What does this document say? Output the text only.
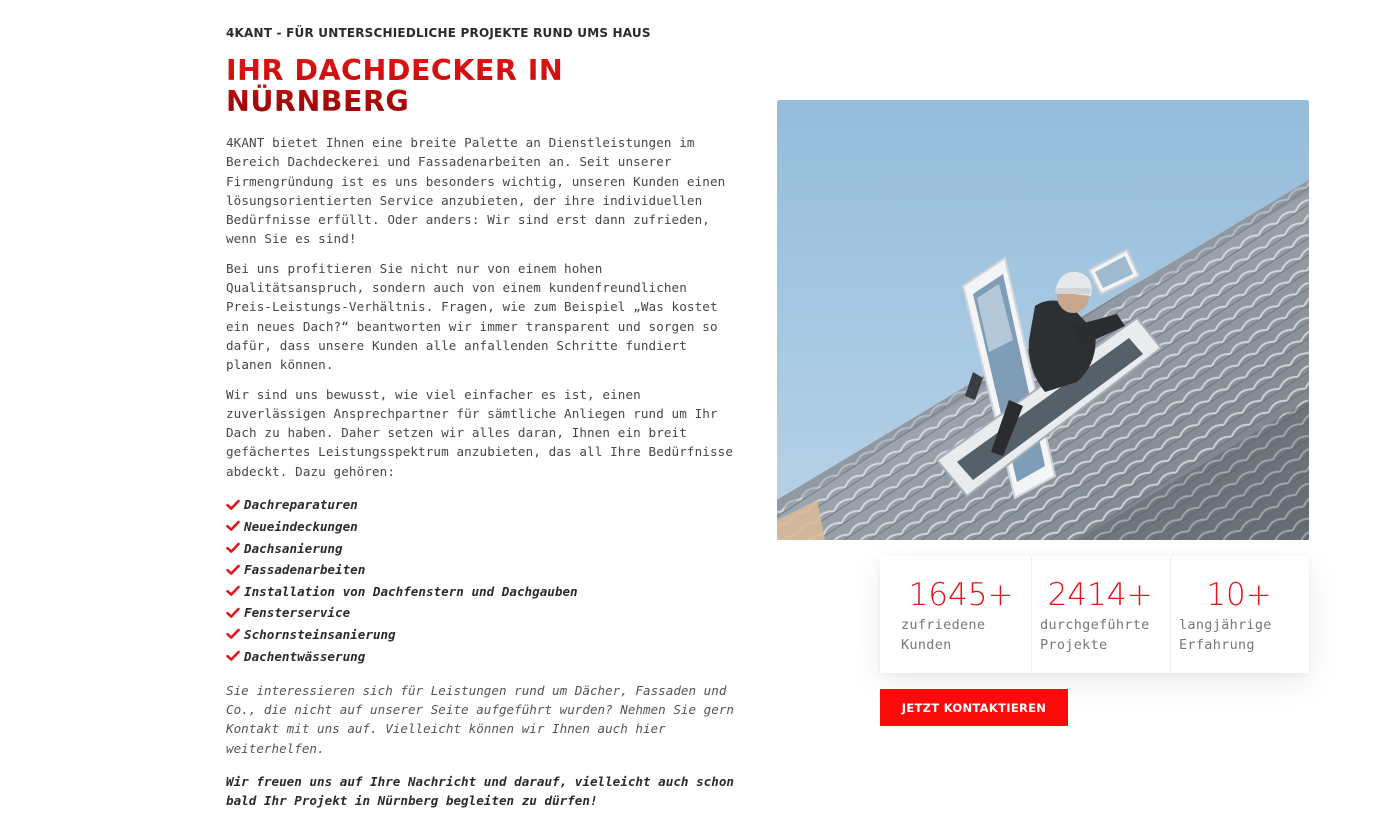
4KANT - FÜR UNTERSCHIEDLICHE PROJEKTE RUND UMS HAUS
IHR DACHDECKER IN
NÜRNBERG

4KANT bietet Ihnen eine breite Palette an Dienstleistungen im Bereich Dachdeckerei und Fassadenarbeiten an. Seit unserer Firmengründung ist es uns besonders wichtig, unseren Kunden einen lösungsorientierten Service anzubieten, der ihre individuellen Bedürfnisse erfüllt. Oder anders: Wir sind erst dann zufrieden, wenn Sie es sind!

Bei uns profitieren Sie nicht nur von einem hohen Qualitätsanspruch, sondern auch von einem kundenfreundlichen Preis-Leistungs-Verhältnis. Fragen, wie zum Beispiel „Was kostet ein neues Dach?“ beantworten wir immer transparent und sorgen so dafür, dass unsere Kunden alle anfallenden Schritte fundiert planen können.

Wir sind uns bewusst, wie viel einfacher es ist, einen zuverlässigen Ansprechpartner für sämtliche Anliegen rund um Ihr Dach zu haben. Daher setzen wir alles daran, Ihnen ein breit gefächertes Leistungsspektrum anzubieten, das all Ihre Bedürfnisse abdeckt. Dazu gehören:

Dachreparaturen
Neueindeckungen
Dachsanierung
Fassadenarbeiten
Installation von Dachfenstern und Dachgauben
Fensterservice
Schornsteinsanierung
Dachentwässerung

Sie interessieren sich für Leistungen rund um Dächer, Fassaden und Co., die nicht auf unserer Seite aufgeführt wurden? Nehmen Sie gern Kontakt mit uns auf. Vielleicht können wir Ihnen auch hier weiterhelfen.

Wir freuen uns auf Ihre Nachricht und darauf, vielleicht auch schon bald Ihr Projekt in Nürnberg begleiten zu dürfen!

1645+
zufriedene
Kunden
2414+
durchgeführte
Projekte
10+
langjährige
Erfahrung
JETZT KONTAKTIEREN
